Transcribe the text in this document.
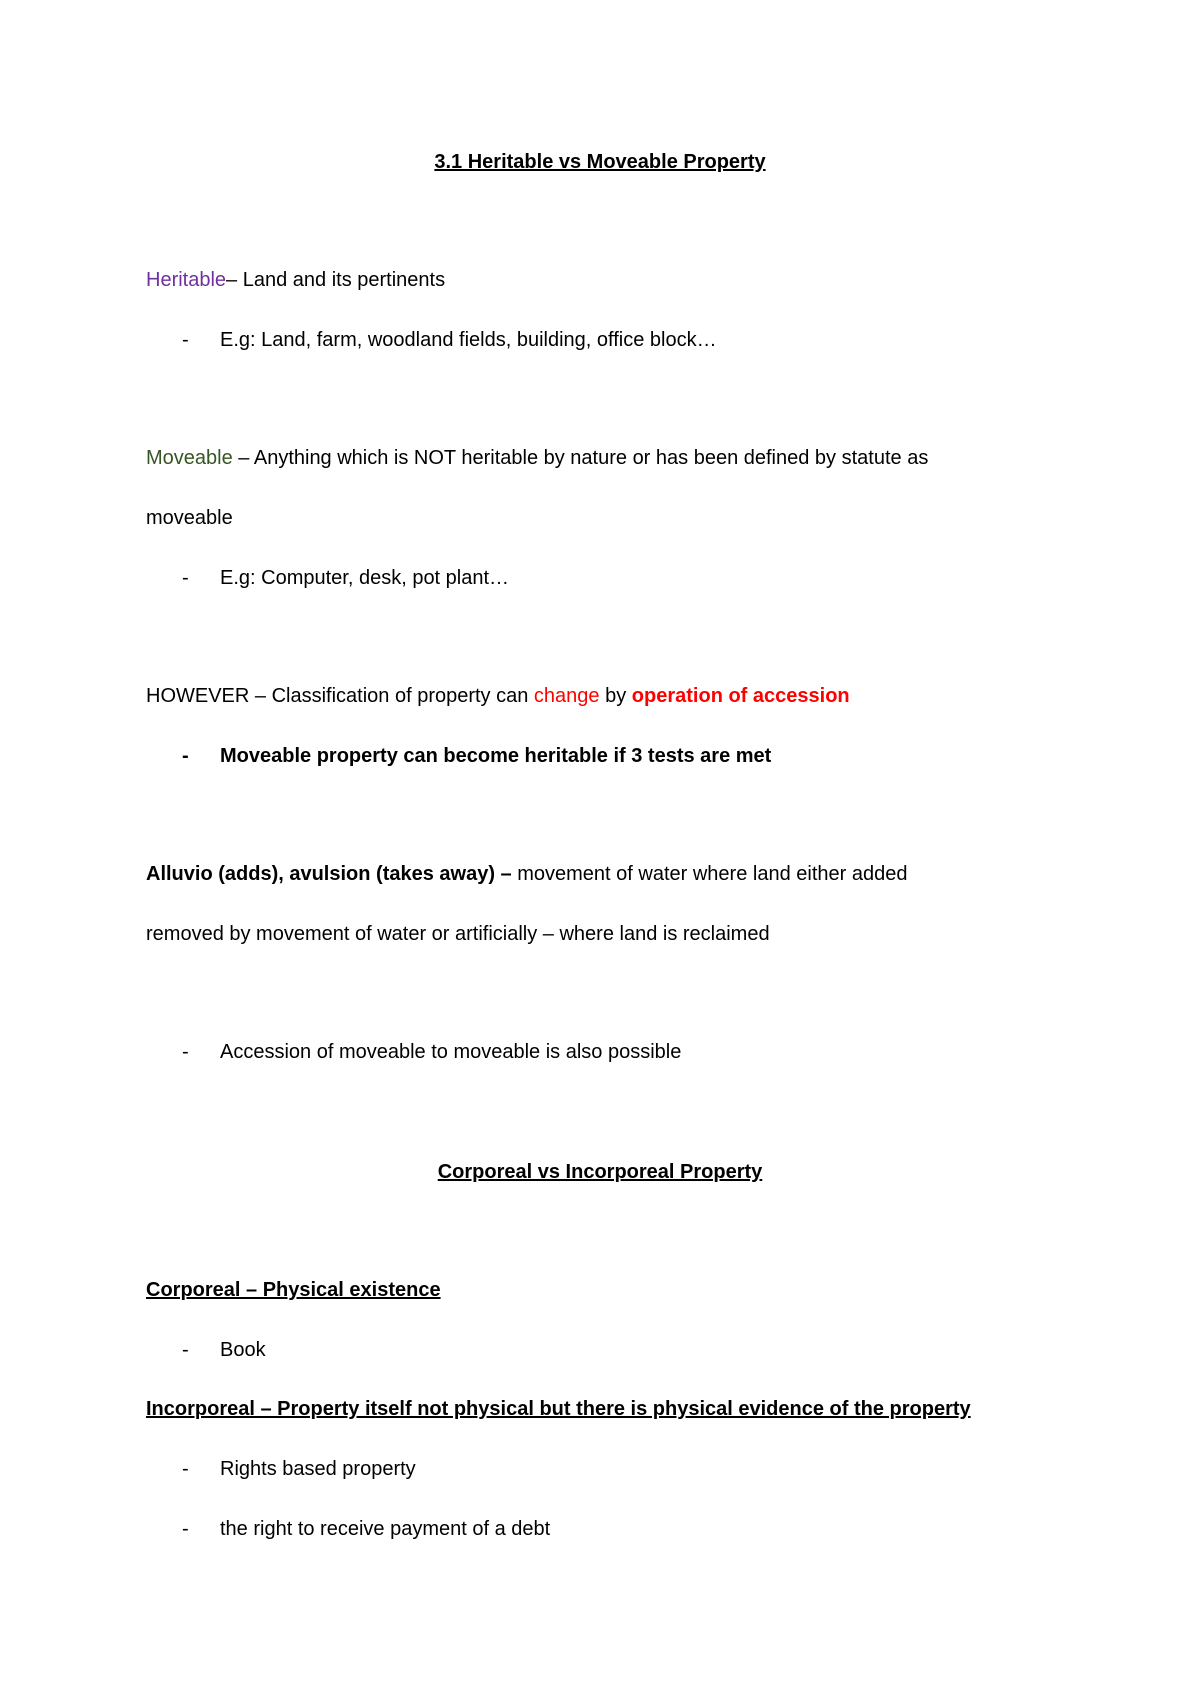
3.1 Heritable vs Moveable Property
Heritable– Land and its pertinents
- E.g: Land, farm, woodland fields, building, office block…
Moveable – Anything which is NOT heritable by nature or has been defined by statute as
moveable
- E.g: Computer, desk, pot plant…
HOWEVER – Classification of property can change by operation of accession
- Moveable property can become heritable if 3 tests are met
Alluvio (adds), avulsion (takes away) – movement of water where land either added
removed by movement of water or artificially – where land is reclaimed
- Accession of moveable to moveable is also possible
Corporeal vs Incorporeal Property
Corporeal – Physical existence
- Book
Incorporeal – Property itself not physical but there is physical evidence of the property
- Rights based property
- the right to receive payment of a debt
